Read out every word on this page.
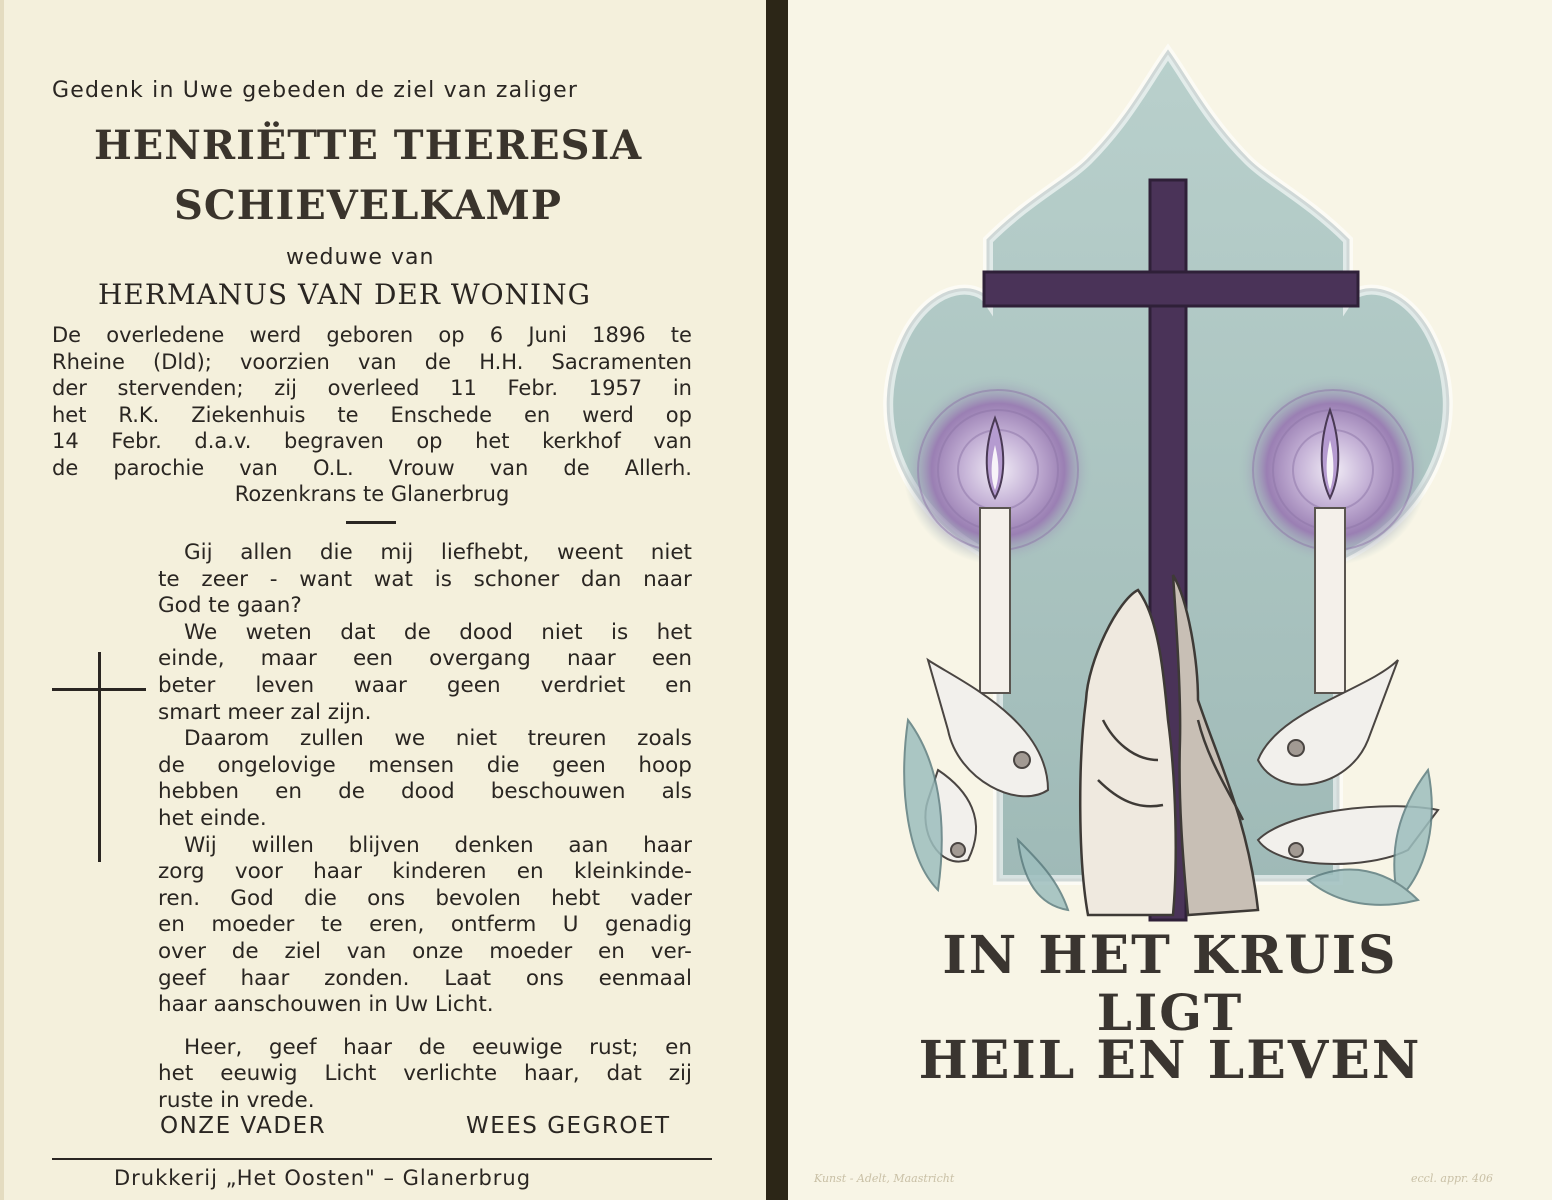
Gedenk in Uwe gebeden de ziel van zaliger
HENRIËTTE THERESIA
SCHIEVELKAMP
weduwe van
HERMANUS VAN DER WONING
De overledene werd geboren op 6 Juni 1896 te
Rheine (Dld); voorzien van de H.H. Sacramenten
der stervenden; zij overleed 11 Febr. 1957 in
het R.K. Ziekenhuis te Enschede en werd op
14 Febr. d.a.v. begraven op het kerkhof van
de parochie van O.L. Vrouw van de Allerh.
Rozenkrans te Glanerbrug
Gij allen die mij liefhebt, weent niet
te zeer - want wat is schoner dan naar
God te gaan?
We weten dat de dood niet is het
einde, maar een overgang naar een
beter leven waar geen verdriet en
smart meer zal zijn.
Daarom zullen we niet treuren zoals
de ongelovige mensen die geen hoop
hebben en de dood beschouwen als
het einde.
Wij willen blijven denken aan haar
zorg voor haar kinderen en kleinkinde-
ren. God die ons bevolen hebt vader
en moeder te eren, ontferm U genadig
over de ziel van onze moeder en ver-
geef haar zonden. Laat ons eenmaal
haar aanschouwen in Uw Licht.
Heer, geef haar de eeuwige rust; en
het eeuwig Licht verlichte haar, dat zij
ruste in vrede.
ONZE VADER	WEES GEGROET
Drukkerij „Het Oosten" – Glanerbrug
IN HET KRUIS
LIGT
HEIL EN LEVEN
Kunst - Adelt, Maastricht	eccl. appr. 406
